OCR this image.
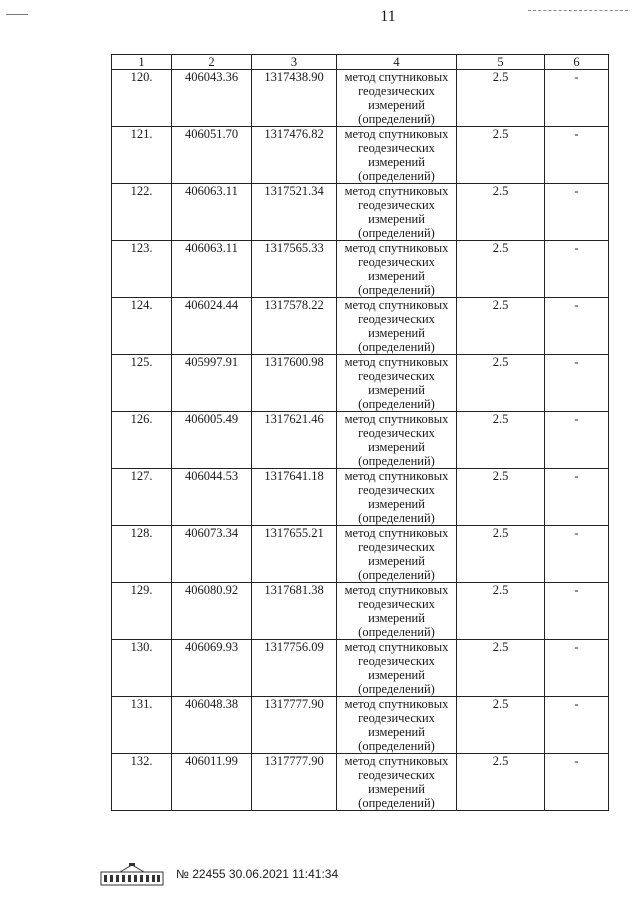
11
1	2	3	4	5	6
120.	406043.36	1317438.90	метод спутниковых геодезических измерений (определений)	2.5	-
121.	406051.70	1317476.82	метод спутниковых геодезических измерений (определений)	2.5	-
122.	406063.11	1317521.34	метод спутниковых геодезических измерений (определений)	2.5	-
123.	406063.11	1317565.33	метод спутниковых геодезических измерений (определений)	2.5	-
124.	406024.44	1317578.22	метод спутниковых геодезических измерений (определений)	2.5	-
125.	405997.91	1317600.98	метод спутниковых геодезических измерений (определений)	2.5	-
126.	406005.49	1317621.46	метод спутниковых геодезических измерений (определений)	2.5	-
127.	406044.53	1317641.18	метод спутниковых геодезических измерений (определений)	2.5	-
128.	406073.34	1317655.21	метод спутниковых геодезических измерений (определений)	2.5	-
129.	406080.92	1317681.38	метод спутниковых геодезических измерений (определений)	2.5	-
130.	406069.93	1317756.09	метод спутниковых геодезических измерений (определений)	2.5	-
131.	406048.38	1317777.90	метод спутниковых геодезических измерений (определений)	2.5	-
132.	406011.99	1317777.90	метод спутниковых геодезических измерений (определений)	2.5	-
№ 22455 30.06.2021 11:41:34
